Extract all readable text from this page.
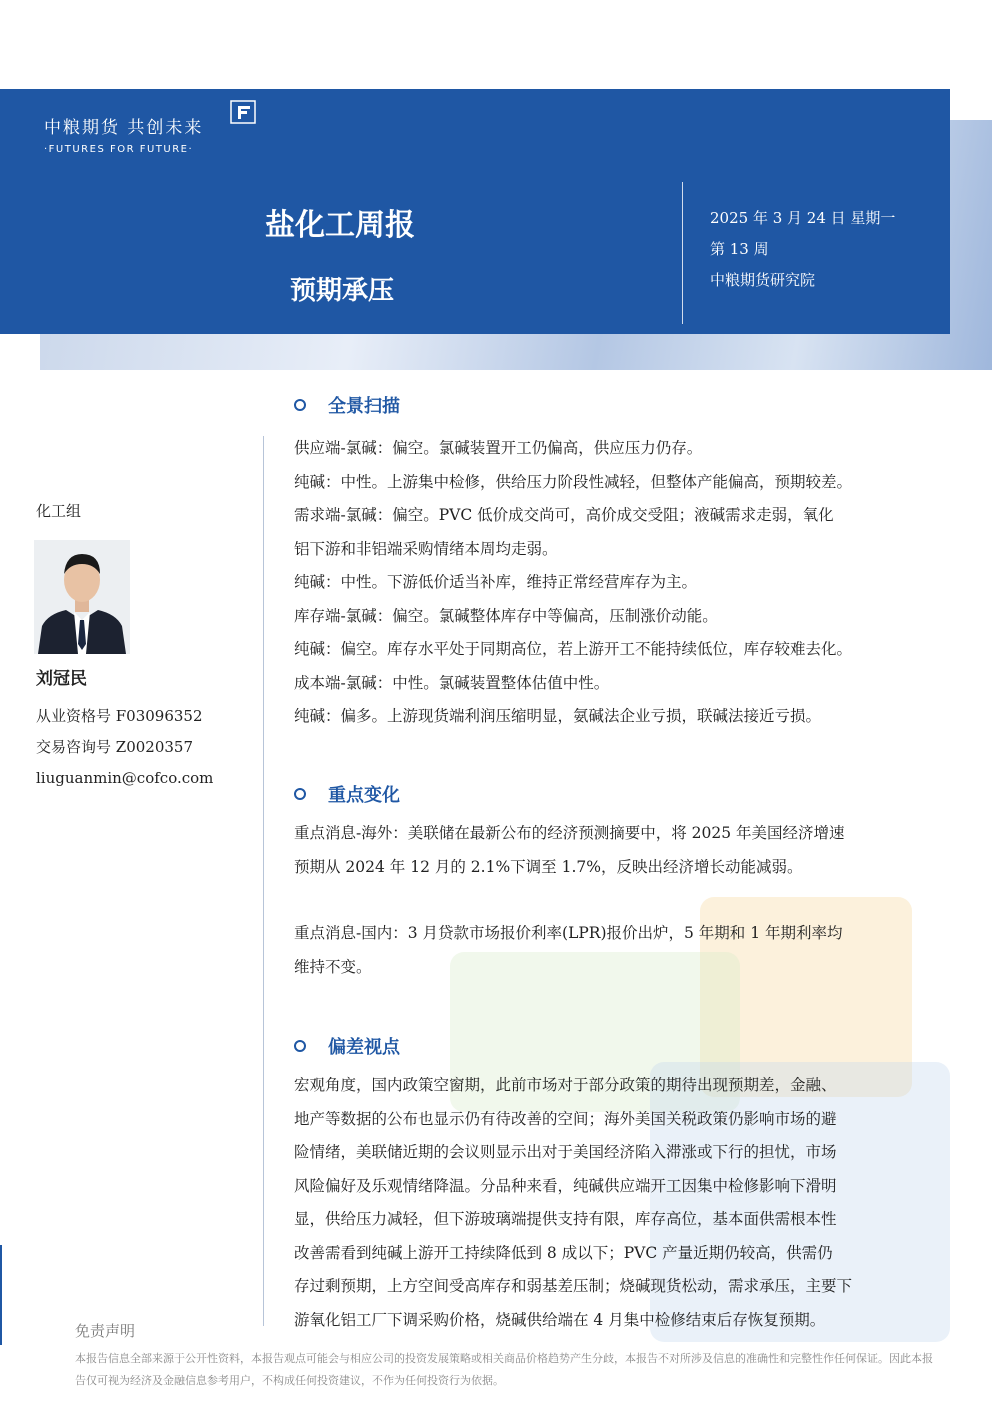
中粮期货 共创未来
·FUTURES FOR FUTURE·
盐化工周报
预期承压
2025 年 3 月 24 日 星期一
第 13 周
中粮期货研究院
化工组
刘冠民
从业资格号 F03096352
交易咨询号 Z0020357
liuguanmin@cofco.com
全景扫描
供应端-氯碱：偏空。氯碱装置开工仍偏高，供应压力仍存。
纯碱：中性。上游集中检修，供给压力阶段性减轻，但整体产能偏高，预期较差。
需求端-氯碱：偏空。PVC 低价成交尚可，高价成交受阻；液碱需求走弱，氧化
铝下游和非铝端采购情绪本周均走弱。
纯碱：中性。下游低价适当补库，维持正常经营库存为主。
库存端-氯碱：偏空。氯碱整体库存中等偏高，压制涨价动能。
纯碱：偏空。库存水平处于同期高位，若上游开工不能持续低位，库存较难去化。
成本端-氯碱：中性。氯碱装置整体估值中性。
纯碱：偏多。上游现货端利润压缩明显，氨碱法企业亏损，联碱法接近亏损。
重点变化
重点消息-海外：美联储在最新公布的经济预测摘要中，将 2025 年美国经济增速
预期从 2024 年 12 月的 2.1%下调至 1.7%，反映出经济增长动能减弱。
重点消息-国内：3 月贷款市场报价利率(LPR)报价出炉，5 年期和 1 年期利率均
维持不变。
偏差视点
宏观角度，国内政策空窗期，此前市场对于部分政策的期待出现预期差，金融、
地产等数据的公布也显示仍有待改善的空间；海外美国关税政策仍影响市场的避
险情绪，美联储近期的会议则显示出对于美国经济陷入滞涨或下行的担忧，市场
风险偏好及乐观情绪降温。分品种来看，纯碱供应端开工因集中检修影响下滑明
显，供给压力减轻，但下游玻璃端提供支持有限，库存高位，基本面供需根本性
改善需看到纯碱上游开工持续降低到 8 成以下；PVC 产量近期仍较高，供需仍
存过剩预期，上方空间受高库存和弱基差压制；烧碱现货松动，需求承压，主要下
游氧化铝工厂下调采购价格，烧碱供给端在 4 月集中检修结束后存恢复预期。
免责声明
本报告信息全部来源于公开性资料，本报告观点可能会与相应公司的投资发展策略或相关商品价格趋势产生分歧，本报告不对所涉及信息的准确性和完整性作任何保证。因此本报告仅可视为经济及金融信息参考用户，不构成任何投资建议，不作为任何投资行为依据。
